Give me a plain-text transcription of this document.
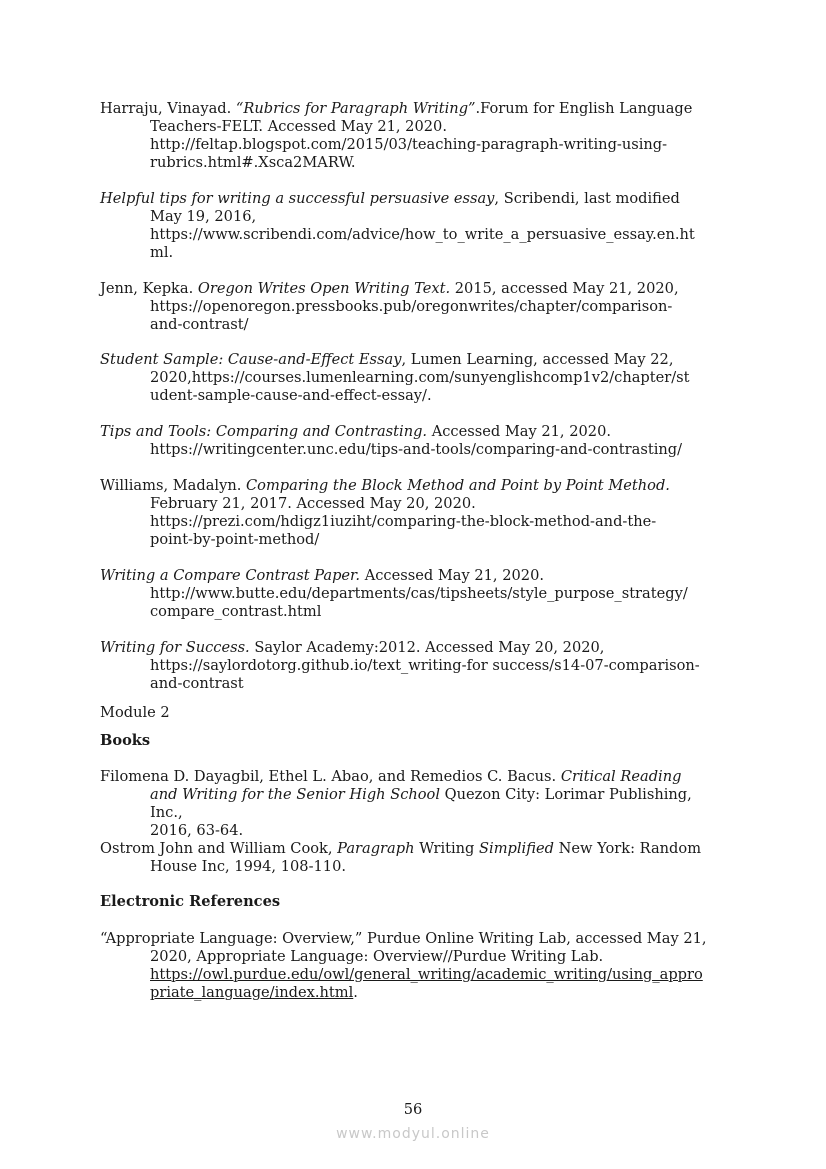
Harraju, Vinayad. “Rubrics for Paragraph Writing”.Forum for English Language
Teachers-FELT. Accessed May 21, 2020.
http://feltap.blogspot.com/2015/03/teaching-paragraph-writing-using-
rubrics.html#.Xsca2MARW.
Helpful tips for writing a successful persuasive essay, Scribendi, last modified
May 19, 2016,
https://www.scribendi.com/advice/how_to_write_a_persuasive_essay.en.ht
ml.
Jenn, Kepka. Oregon Writes Open Writing Text. 2015, accessed May 21, 2020,
https://openoregon.pressbooks.pub/oregonwrites/chapter/comparison-
and-contrast/
Student Sample: Cause-and-Effect Essay, Lumen Learning, accessed May 22,
2020,https://courses.lumenlearning.com/sunyenglishcomp1v2/chapter/st
udent-sample-cause-and-effect-essay/.
Tips and Tools: Comparing and Contrasting. Accessed May 21, 2020.
https://writingcenter.unc.edu/tips-and-tools/comparing-and-contrasting/
Williams, Madalyn. Comparing the Block Method and Point by Point Method.
February 21, 2017. Accessed May 20, 2020.
https://prezi.com/hdigz1iuziht/comparing-the-block-method-and-the-
point-by-point-method/
Writing a Compare Contrast Paper. Accessed May 21, 2020.
http://www.butte.edu/departments/cas/tipsheets/style_purpose_strategy/
compare_contrast.html
Writing for Success. Saylor Academy:2012. Accessed May 20, 2020,
https://saylordotorg.github.io/text_writing-for success/s14-07-comparison-
and-contrast
Module 2
Books
Filomena D. Dayagbil, Ethel L. Abao, and Remedios C. Bacus. Critical Reading
and Writing for the Senior High School Quezon City: Lorimar Publishing, Inc.,
2016, 63-64.
Ostrom John and William Cook, Paragraph Writing Simplified New York: Random
House Inc, 1994, 108-110.
Electronic References
“Appropriate Language: Overview,” Purdue Online Writing Lab, accessed May 21,
2020, Appropriate Language: Overview//Purdue Writing Lab.
https://owl.purdue.edu/owl/general_writing/academic_writing/using_appro
priate_language/index.html.
56
www.modyul.online
